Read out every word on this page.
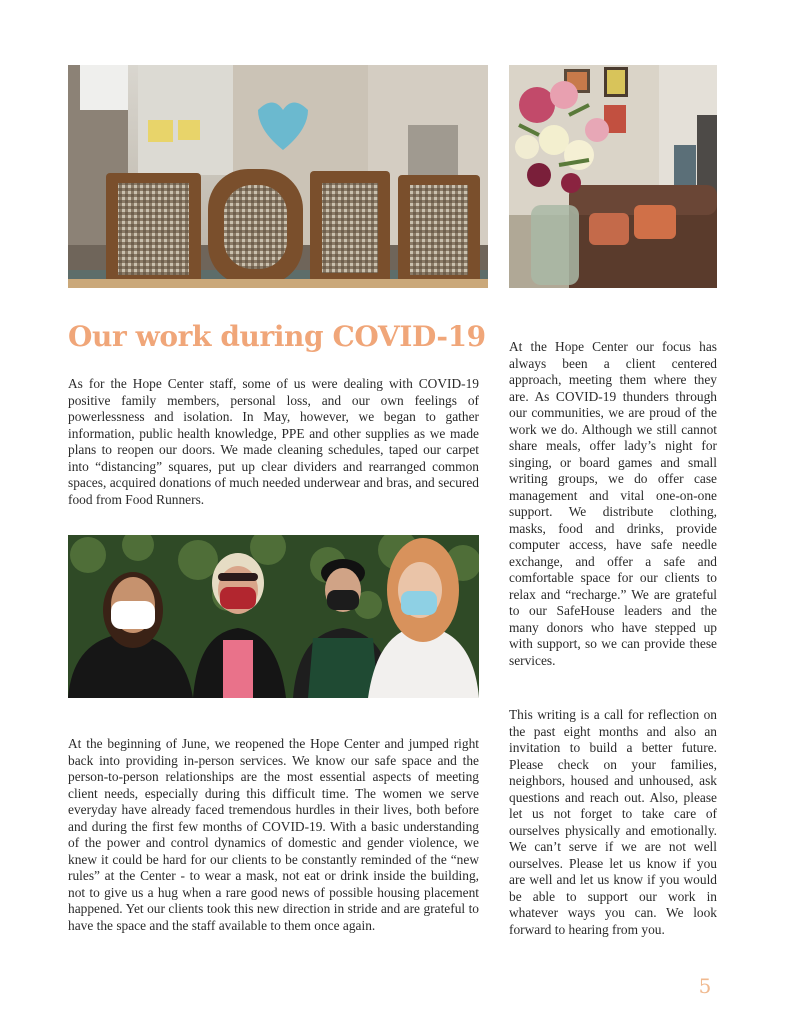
Our work during COVID-19

As for the Hope Center staff, some of us were dealing with COVID-19 positive family members, personal loss, and our own feelings of powerlessness and isolation. In May, however, we began to gather information, public health knowledge, PPE and other supplies as we made plans to reopen our doors. We made cleaning schedules, taped our carpet into “distancing” squares, put up clear dividers and rearranged common spaces, acquired donations of much needed underwear and bras, and secured food from Food Runners.

At the beginning of June, we reopened the Hope Center and jumped right back into providing in-person services. We know our safe space and the person-to-person relationships are the most essential aspects of meeting client needs, especially during this difficult time. The women we serve everyday have already faced tremendous hurdles in their lives, both before and during the first few months of COVID-19. With a basic understanding of the power and control dynamics of domestic and gender violence, we knew it could be hard for our clients to be constantly reminded of the “new rules” at the Center - to wear a mask, not eat or drink inside the building, not to give us a hug when a rare good news of possible housing placement happened. Yet our clients took this new direction in stride and are grateful to have the space and the staff available to them once again.

At the Hope Center our focus has always been a client centered approach, meeting them where they are. As COVID-19 thunders through our communities, we are proud of the work we do. Although we still cannot share meals, offer lady’s night for singing, or board games and small writing groups, we do offer case management and vital one-on-one support. We distribute clothing, masks, food and drinks, provide computer access, have safe needle exchange, and offer a safe and comfortable space for our clients to relax and “recharge.” We are grateful to our SafeHouse leaders and the many donors who have stepped up with support, so we can provide these services.

This writing is a call for reflection on the past eight months and also an invitation to build a better future. Please check on your families, neighbors, housed and unhoused, ask questions and reach out. Also, please let us not forget to take care of ourselves physically and emotionally. We can’t serve if we are not well ourselves. Please let us know if you are well and let us know if you would be able to support our work in whatever ways you can. We look forward to hearing from you.

5
